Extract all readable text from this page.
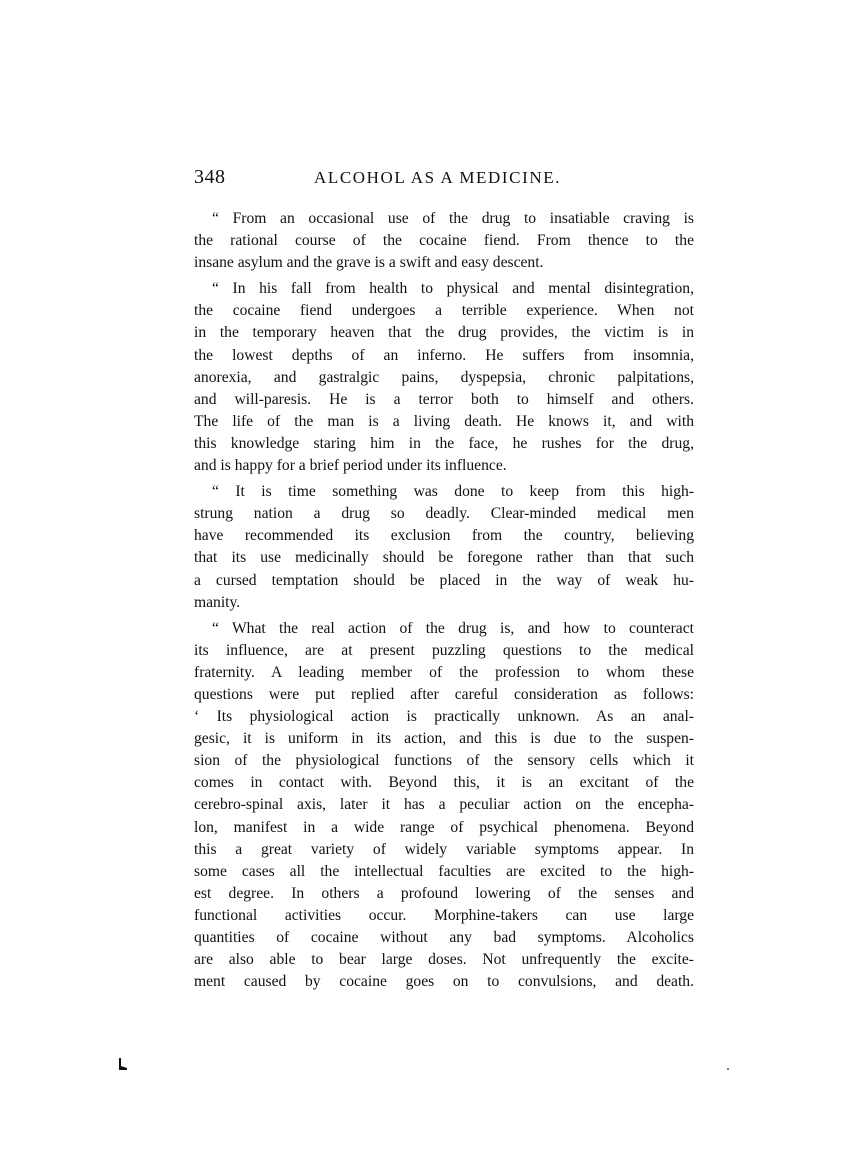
348	ALCOHOL AS A MEDICINE.

“ From an occasional use of the drug to insatiable craving is
the rational course of the cocaine fiend. From thence to the
insane asylum and the grave is a swift and easy descent.

“ In his fall from health to physical and mental disintegration,
the cocaine fiend undergoes a terrible experience. When not
in the temporary heaven that the drug provides, the victim is in
the lowest depths of an inferno. He suffers from insomnia,
anorexia, and gastralgic pains, dyspepsia, chronic palpitations,
and will-paresis. He is a terror both to himself and others.
The life of the man is a living death. He knows it, and with
this knowledge staring him in the face, he rushes for the drug,
and is happy for a brief period under its influence.

“ It is time something was done to keep from this high-
strung nation a drug so deadly. Clear-minded medical men
have recommended its exclusion from the country, believing
that its use medicinally should be foregone rather than that such
a cursed temptation should be placed in the way of weak hu-
manity.

“ What the real action of the drug is, and how to counteract
its influence, are at present puzzling questions to the medical
fraternity. A leading member of the profession to whom these
questions were put replied after careful consideration as follows:
‘ Its physiological action is practically unknown. As an anal-
gesic, it is uniform in its action, and this is due to the suspen-
sion of the physiological functions of the sensory cells which it
comes in contact with. Beyond this, it is an excitant of the
cerebro-spinal axis, later it has a peculiar action on the encepha-
lon, manifest in a wide range of psychical phenomena. Beyond
this a great variety of widely variable symptoms appear. In
some cases all the intellectual faculties are excited to the high-
est degree. In others a profound lowering of the senses and
functional activities occur. Morphine-takers can use large
quantities of cocaine without any bad symptoms. Alcoholics
are also able to bear large doses. Not unfrequently the excite-
ment caused by cocaine goes on to convulsions, and death.
